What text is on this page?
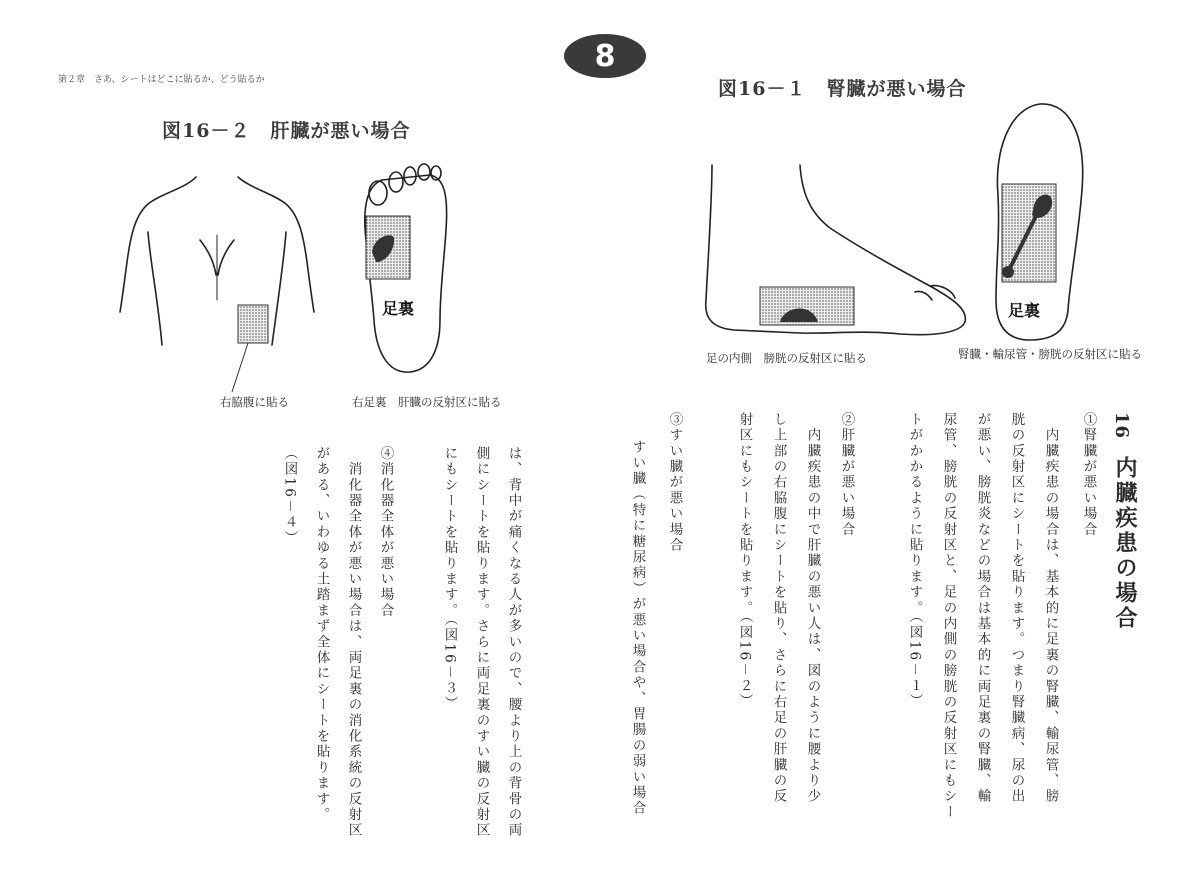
第２章　さあ、シートはどこに貼るか、どう貼るか
8
図16－２　肝臓が悪い場合
図16－１　腎臓が悪い場合
足裏	足裏
右脇腹に貼る	右足裏　肝臓の反射区に貼る
足の内側　膀胱の反射区に貼る	腎臓・輸尿管・膀胱の反射区に貼る
16
内臓疾患の場合
①腎臓が悪い場合
　内臓疾患の場合は、基本的に足裏の腎臓、輸尿管、膀
胱の反射区にシートを貼ります。つまり腎臓病、尿の出
が悪い、膀胱炎などの場合は基本的に両足裏の腎臓、輸
尿管、膀胱の反射区と、足の内側の膀胱の反射区にもシー
トがかかるように貼ります。（図16－１）
②肝臓が悪い場合
　内臓疾患の中で肝臓の悪い人は、図のように腰より少
し上部の右脇腹にシートを貼り、さらに右足の肝臓の反
射区にもシートを貼ります。（図16－２）
③すい臓が悪い場合
　すい臓（特に糖尿病）が悪い場合や、胃腸の弱い場合
は、背中が痛くなる人が多いので、腰より上の背骨の両
側にシートを貼ります。さらに両足裏のすい臓の反射区
にもシートを貼ります。（図16－３）
④消化器全体が悪い場合
　消化器全体が悪い場合は、両足裏の消化系統の反射区
がある、いわゆる土踏まず全体にシートを貼ります。
（図16－４）
